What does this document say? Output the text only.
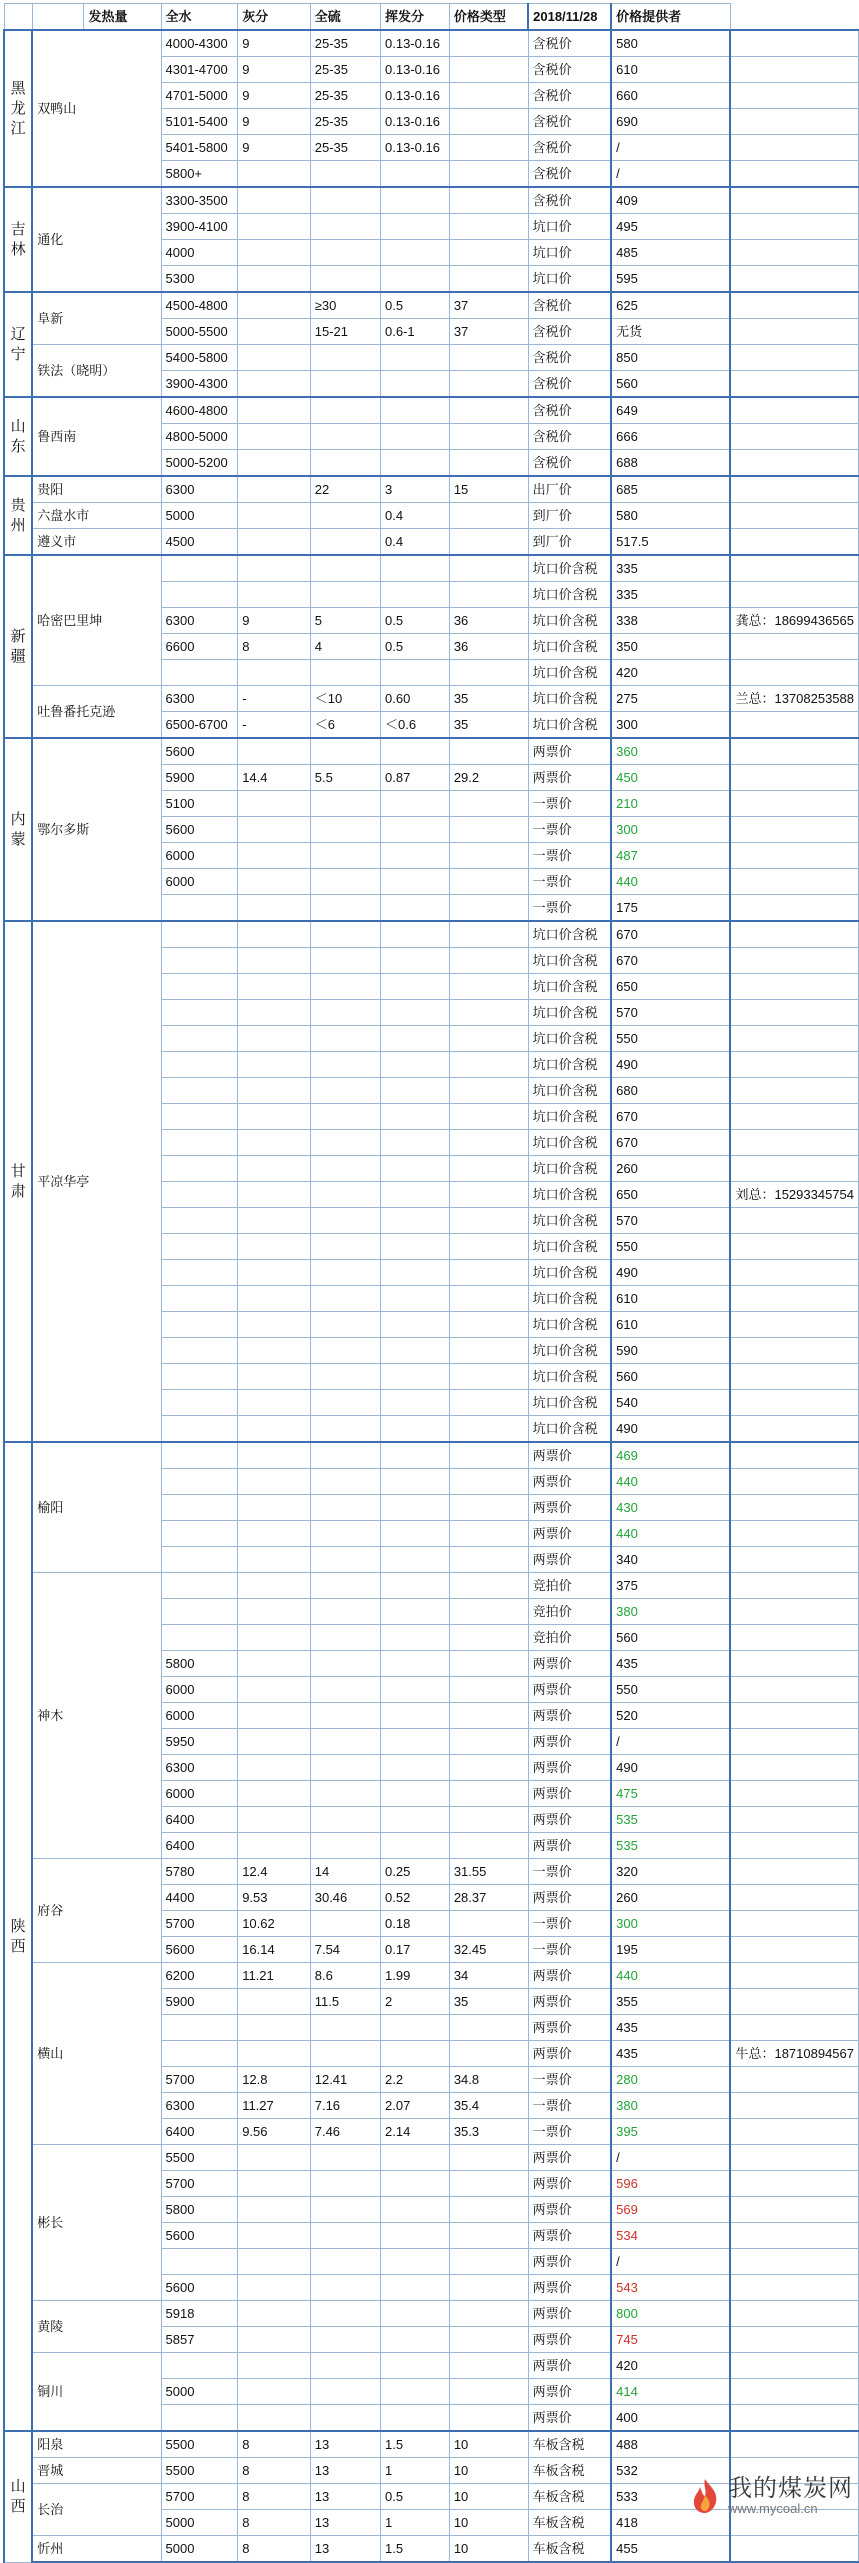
		发热量	全水	灰分	全硫	挥发分	价格类型	2018/11/28	价格提供者	
黑
龙
江	双鸭山		4000-4300	9	25-35	0.13-0.16		含税价	580	
			4301-4700	9	25-35	0.13-0.16		含税价	610	
			4701-5000	9	25-35	0.13-0.16		含税价	660	
			5101-5400	9	25-35	0.13-0.16		含税价	690	
			5401-5800	9	25-35	0.13-0.16		含税价	/	
			5800+					含税价	/	
吉
林	通化		3300-3500					含税价	409	
			3900-4100					坑口价	495	
			4000					坑口价	485	
			5300					坑口价	595	
辽
宁	阜新		4500-4800		≥30	0.5	37	含税价	625	
			5000-5500		15-21	0.6-1	37	含税价	无货	
	铁法（晓明）		5400-5800					含税价	850	
			3900-4300					含税价	560	
山
东	鲁西南		4600-4800					含税价	649	
			4800-5000					含税价	666	
			5000-5200					含税价	688	
贵
州	贵阳		6300		22	3	15	出厂价	685	
	六盘水市		5000			0.4		到厂价	580	
	遵义市		4500			0.4		到厂价	517.5	
新
疆	哈密巴里坤							坑口价含税	335	
								坑口价含税	335	
			6300	9	5	0.5	36	坑口价含税	338	龚总：18699436565
			6600	8	4	0.5	36	坑口价含税	350	
								坑口价含税	420	
	吐鲁番托克逊		6300	-	＜10	0.60	35	坑口价含税	275	兰总：13708253588
			6500-6700	-	＜6	＜0.6	35	坑口价含税	300	
内
蒙	鄂尔多斯		5600					两票价	360	
			5900	14.4	5.5	0.87	29.2	两票价	450	
			5100					一票价	210	
			5600					一票价	300	
			6000					一票价	487	
			6000					一票价	440	
								一票价	175	
甘
肃	平凉华亭							坑口价含税	670	
								坑口价含税	670	
								坑口价含税	650	
								坑口价含税	570	
								坑口价含税	550	
								坑口价含税	490	
								坑口价含税	680	
								坑口价含税	670	
								坑口价含税	670	
								坑口价含税	260	
								坑口价含税	650	刘总：15293345754
								坑口价含税	570	
								坑口价含税	550	
								坑口价含税	490	
								坑口价含税	610	
								坑口价含税	610	
								坑口价含税	590	
								坑口价含税	560	
								坑口价含税	540	
								坑口价含税	490	
陕
西	榆阳							两票价	469	
								两票价	440	
								两票价	430	
								两票价	440	
								两票价	340	
	神木							竞拍价	375	
								竞拍价	380	
								竞拍价	560	
			5800					两票价	435	
			6000					两票价	550	
			6000					两票价	520	
			5950					两票价	/	
			6300					两票价	490	
			6000					两票价	475	
			6400					两票价	535	
			6400					两票价	535	
	府谷		5780	12.4	14	0.25	31.55	一票价	320	
			4400	9.53	30.46	0.52	28.37	两票价	260	
			5700	10.62		0.18		一票价	300	
			5600	16.14	7.54	0.17	32.45	一票价	195	
	横山		6200	11.21	8.6	1.99	34	两票价	440	
			5900		11.5	2	35	两票价	355	
								两票价	435	
								两票价	435	牛总：18710894567
			5700	12.8	12.41	2.2	34.8	一票价	280	
			6300	11.27	7.16	2.07	35.4	一票价	380	
			6400	9.56	7.46	2.14	35.3	一票价	395	
	彬长		5500					两票价	/	
			5700					两票价	596	
			5800					两票价	569	
			5600					两票价	534	
								两票价	/	
			5600					两票价	543	
	黄陵		5918					两票价	800	
			5857					两票价	745	
	铜川							两票价	420	
			5000					两票价	414	
								两票价	400	
山
西	阳泉		5500	8	13	1.5	10	车板含税	488	
	晋城		5500	8	13	1	10	车板含税	532	
	长治		5700	8	13	0.5	10	车板含税	533	
			5000	8	13	1	10	车板含税	418	
	忻州		5000	8	13	1.5	10	车板含税	455	
我的煤炭网
www.mycoal.cn
